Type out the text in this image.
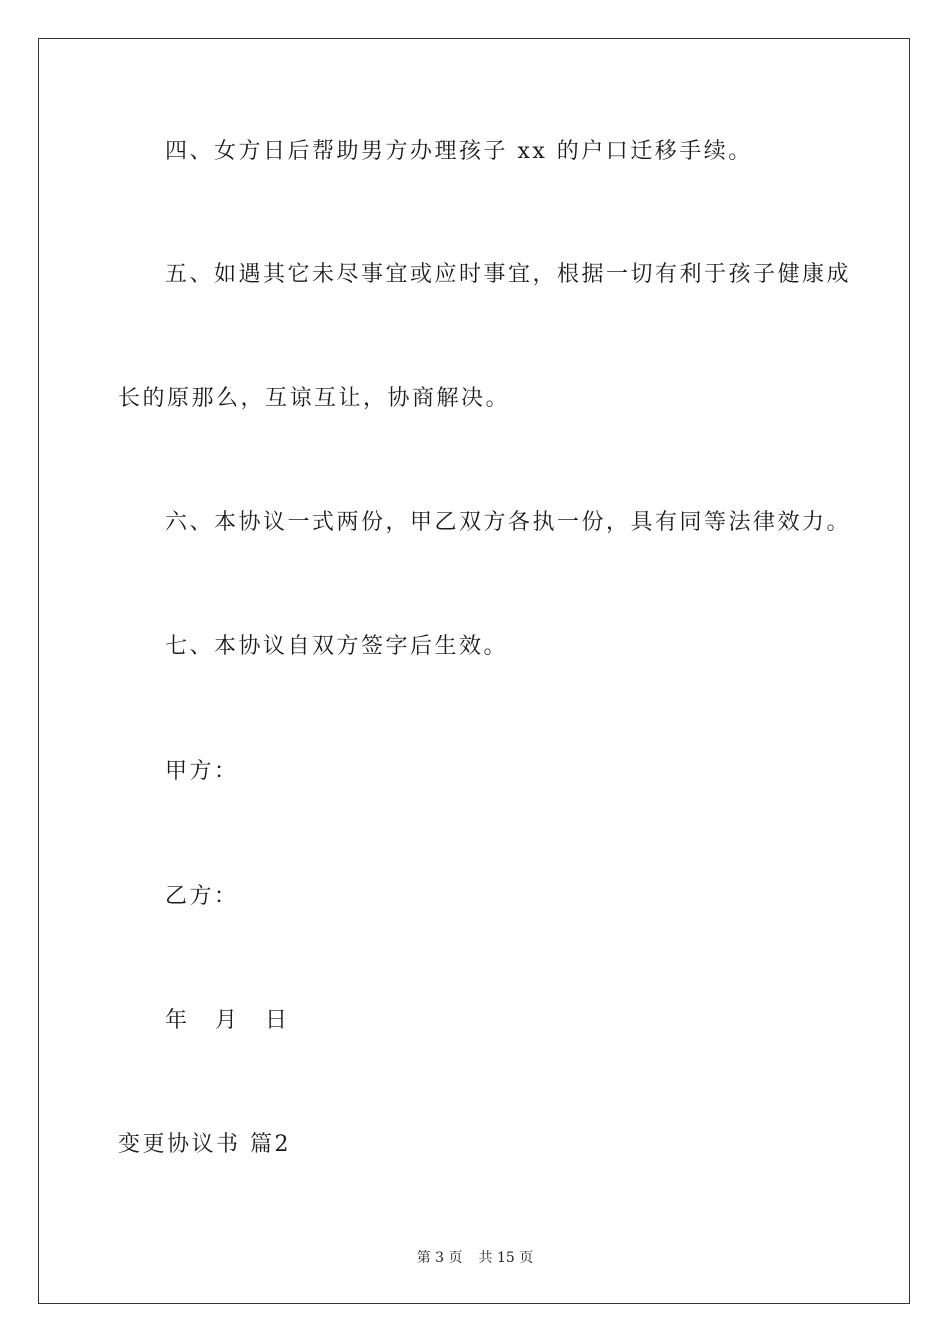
四、女方日后帮助男方办理孩子 xx 的户口迁移手续。
五、如遇其它未尽事宜或应时事宜，根据一切有利于孩子健康成
长的原那么，互谅互让，协商解决。
六、本协议一式两份，甲乙双方各执一份，具有同等法律效力。
七、本协议自双方签字后生效。
甲方：
乙方：
年 月 日
变更协议书 篇2
第 3 页 共 15 页
